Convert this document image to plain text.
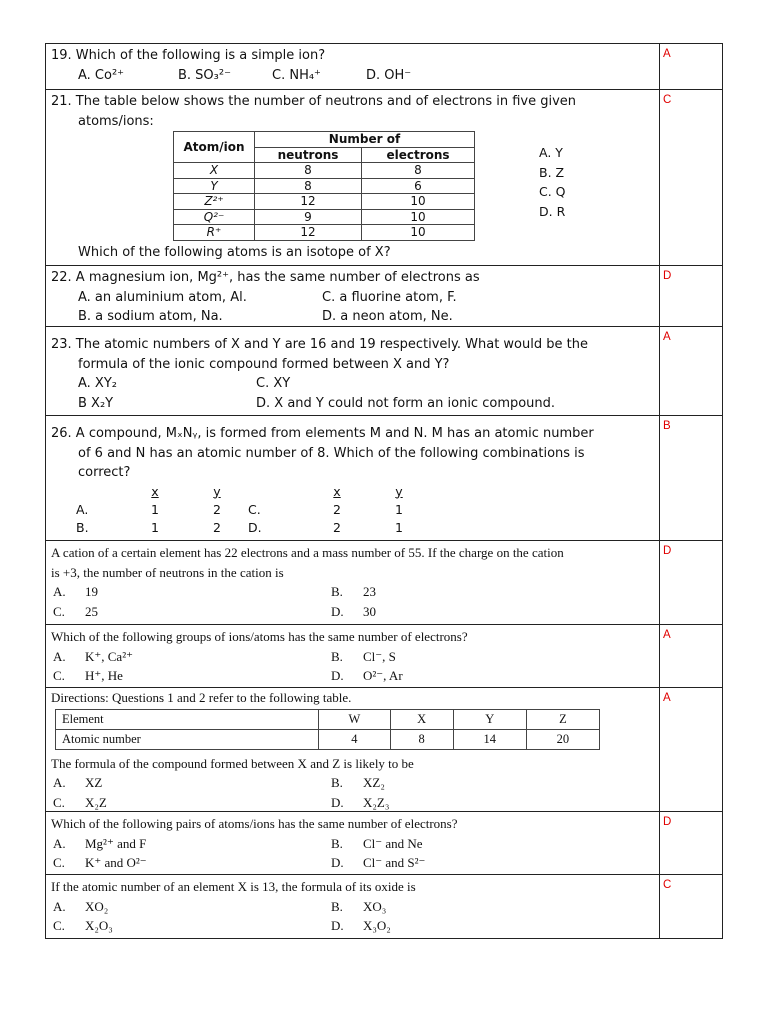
19. Which of the following is a simple ion?
A. Co²⁺	B. SO₃²⁻	C. NH₄⁺	D. OH⁻
A
21. The table below shows the number of neutrons and of electrons in five given
atoms/ions:
Atom/ion	Number of	
	neutrons	electrons
X	8	8
Y	8	6
Z²⁺	12	10
Q²⁻	9	10
R⁺	12	10
A. Y
B. Z
C. Q
D. R
Which of the following atoms is an isotope of X?
C
22. A magnesium ion, Mg²⁺, has the same number of electrons as
A. an aluminium atom, Al.	C. a fluorine atom, F.
B. a sodium atom, Na.	D. a neon atom, Ne.
D
23. The atomic numbers of X and Y are 16 and 19 respectively. What would be the
formula of the ionic compound formed between X and Y?
A. XY₂	C. XY
B X₂Y	D. X and Y could not form an ionic compound.
A
26. A compound, MₓNᵧ, is formed from elements M and N. M has an atomic number
of 6 and N has an atomic number of 8. Which of the following combinations is
correct?
	x	y		x	y
A.	1	2	C.	2	1
B.	1	2	D.	2	1
B
A cation of a certain element has 22 electrons and a mass number of 55. If the charge on the cation
is +3, the number of neutrons in the cation is
A. 19	B. 23
C. 25	D. 30
D
Which of the following groups of ions/atoms has the same number of electrons?
A. K⁺, Ca²⁺	B. Cl⁻, S
C. H⁺, He	D. O²⁻, Ar
A
Directions: Questions 1 and 2 refer to the following table.
Element	W	X	Y	Z
Atomic number	4	8	14	20
The formula of the compound formed between X and Z is likely to be
A. XZ	B. XZ₂
C. X₂Z	D. X₂Z₃
A
Which of the following pairs of atoms/ions has the same number of electrons?
A. Mg²⁺ and F	B. Cl⁻ and Ne
C. K⁺ and O²⁻	D. Cl⁻ and S²⁻
D
If the atomic number of an element X is 13, the formula of its oxide is
A. XO₂	B. XO₃
C. X₂O₃	D. X₃O₂
C
